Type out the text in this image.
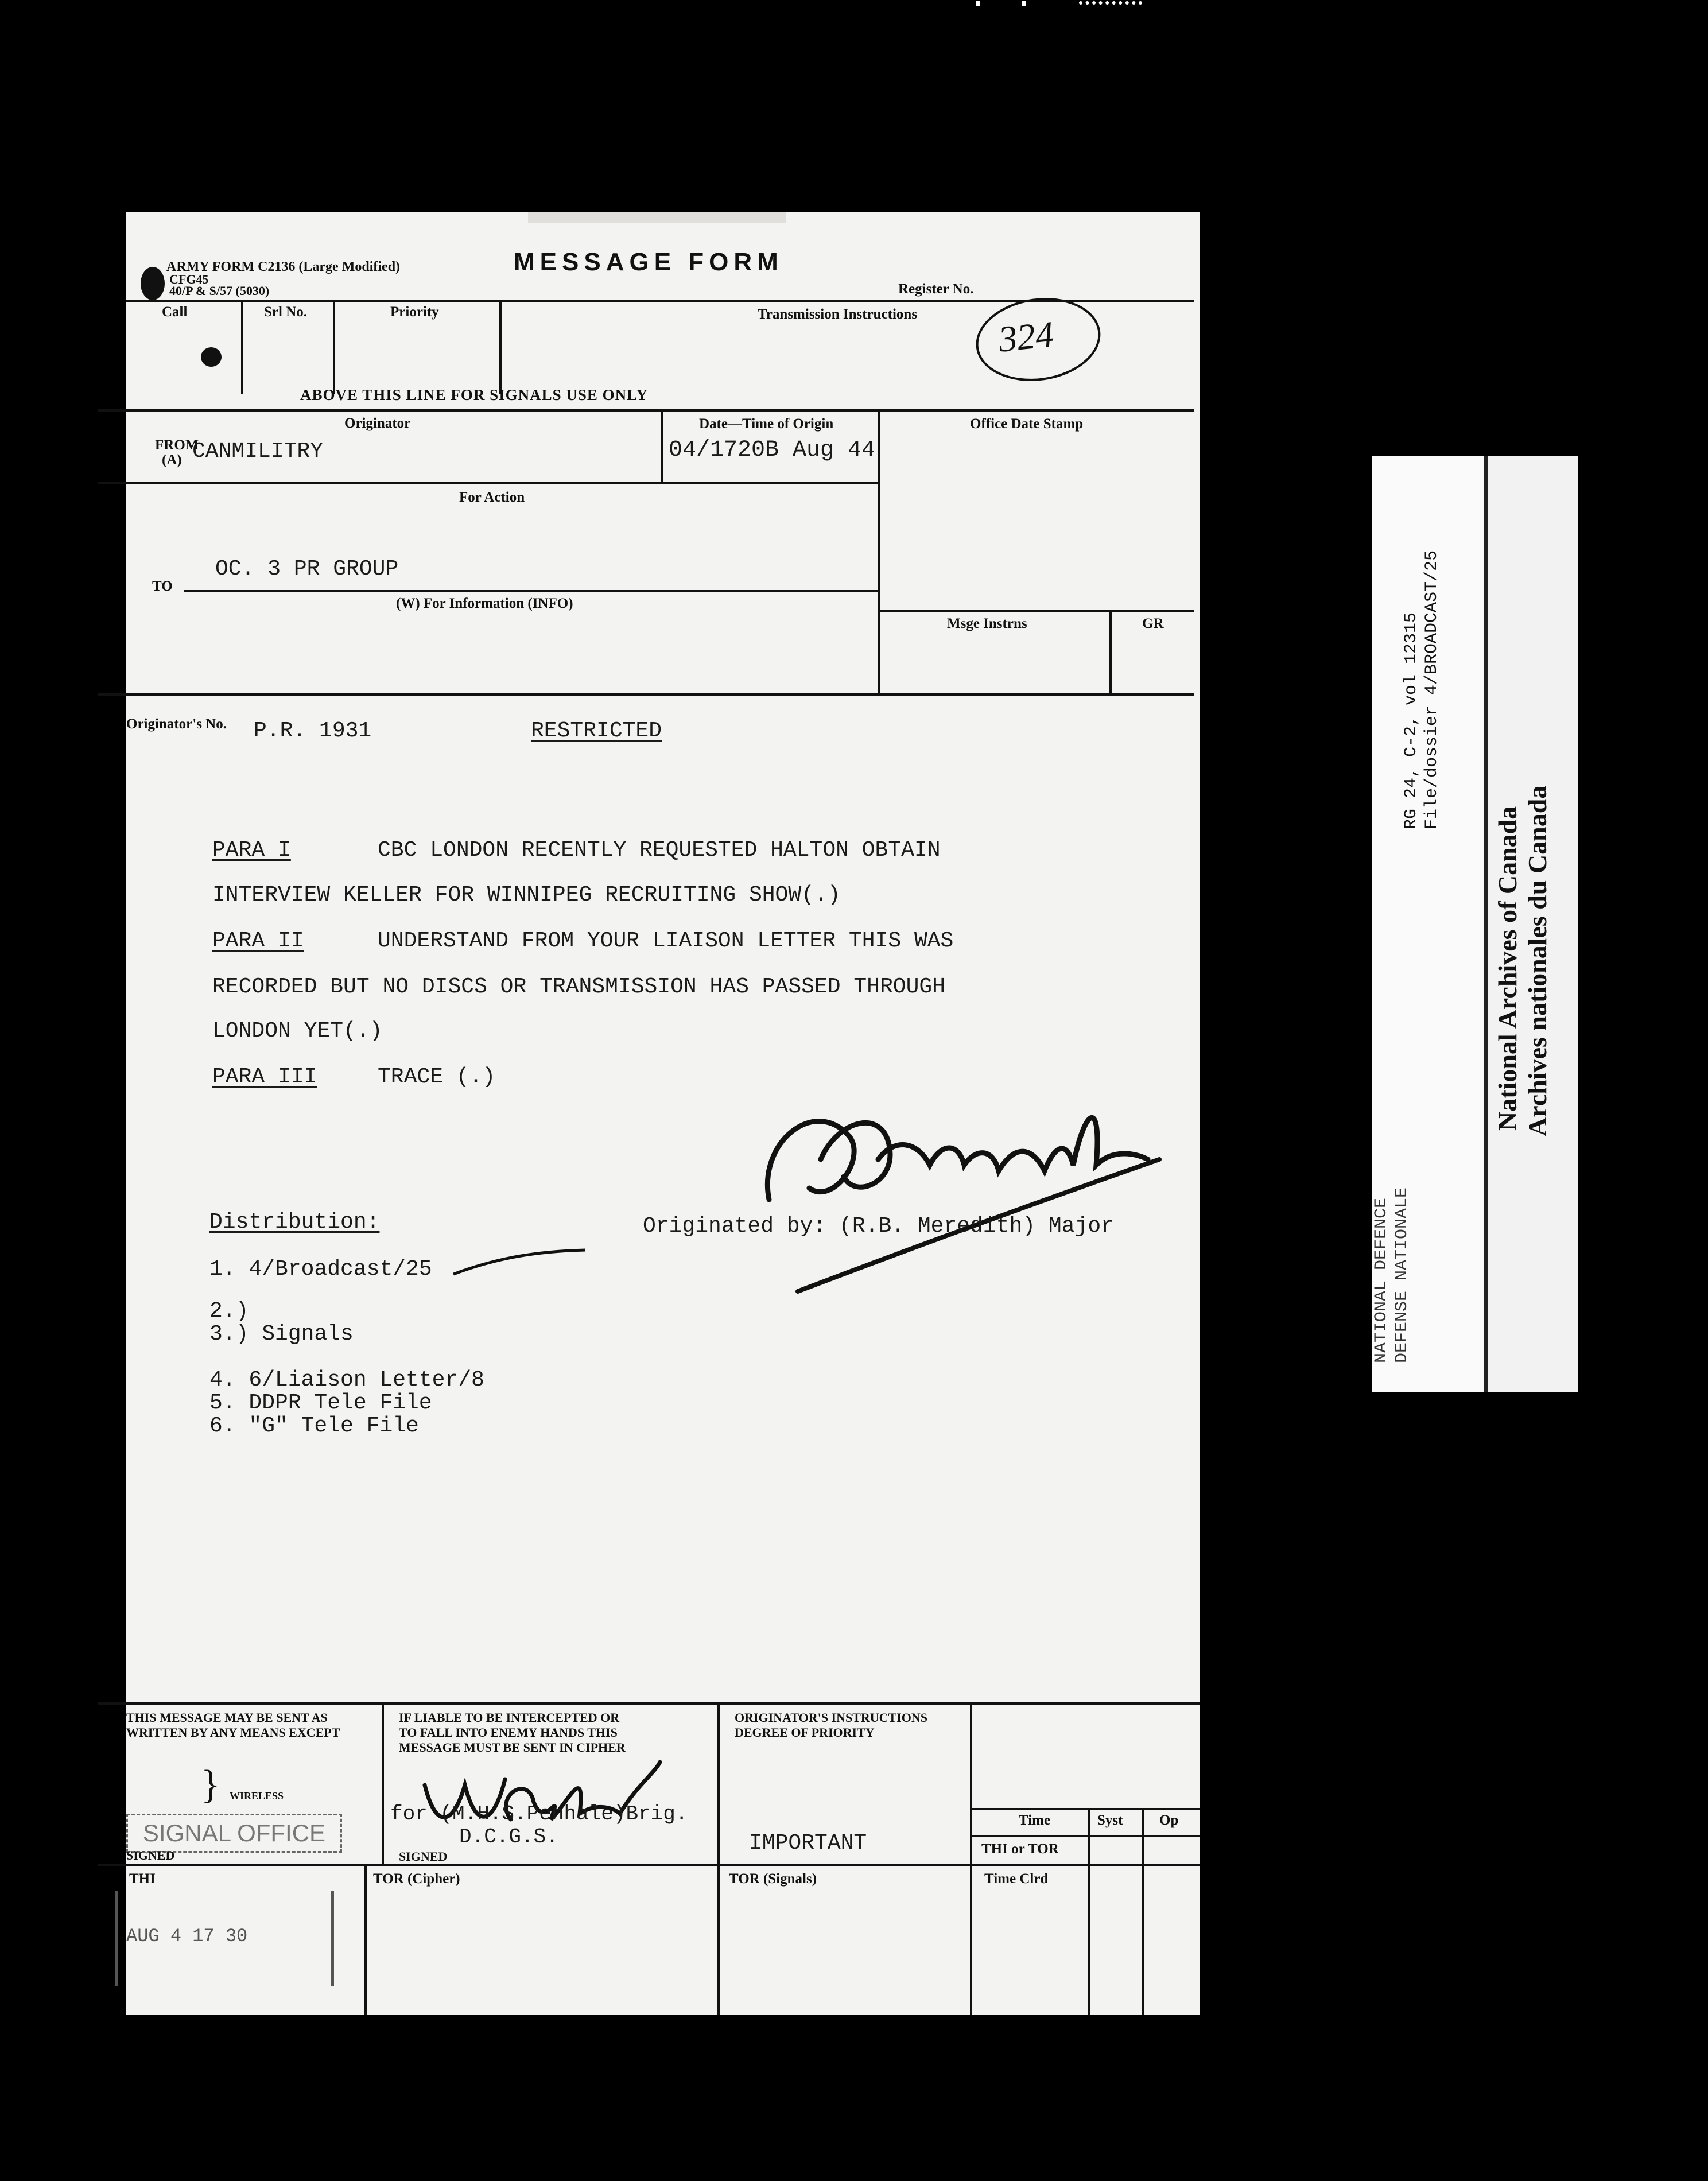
ARMY FORM C2136 (Large Modified)
CFG45
40/P & S/57 (5030)
MESSAGE FORM
Register No.
Call	Srl No.	Priority	Transmission Instructions 324
ABOVE THIS LINE FOR SIGNALS USE ONLY
Originator
FROM
(A) CANMILITRY
Date—Time of Origin
04/1720B Aug 44
Office Date Stamp
For Action
TO
OC. 3 PR GROUP
(W) For Information (INFO)
Msge Instrns	GR
Originator's No. P.R. 1931	RESTRICTED
PARA I	CBC LONDON RECENTLY REQUESTED HALTON OBTAIN
INTERVIEW KELLER FOR WINNIPEG RECRUITING SHOW(.)
PARA II	UNDERSTAND FROM YOUR LIAISON LETTER THIS WAS
RECORDED BUT NO DISCS OR TRANSMISSION HAS PASSED THROUGH
LONDON YET(.)
PARA III	TRACE (.)
Distribution:	Originated by: (R.B. Meredith) Major
1. 4/Broadcast/25
2.)
3.) Signals
4. 6/Liaison Letter/8
5. DDPR Tele File
6. "G" Tele File
THIS MESSAGE MAY BE SENT AS WRITTEN BY ANY MEANS EXCEPT
} WIRELESS
SIGNAL OFFICE
SIGNED
IF LIABLE TO BE INTERCEPTED OR TO FALL INTO ENEMY HANDS THIS MESSAGE MUST BE SENT IN CIPHER
for (M.H.S.Penhale)Brig.
D.C.G.S.
SIGNED
ORIGINATOR'S INSTRUCTIONS DEGREE OF PRIORITY
IMPORTANT
Time	Syst	Op
THI or TOR
Time Clrd
THI	TOR (Cipher)	TOR (Signals)
AUG 4 17 30
RG 24, C-2, vol 12315 File/dossier 4/BROADCAST/25
NATIONAL DEFENCE DEFENSE NATIONALE
National Archives of Canada Archives nationales du Canada
